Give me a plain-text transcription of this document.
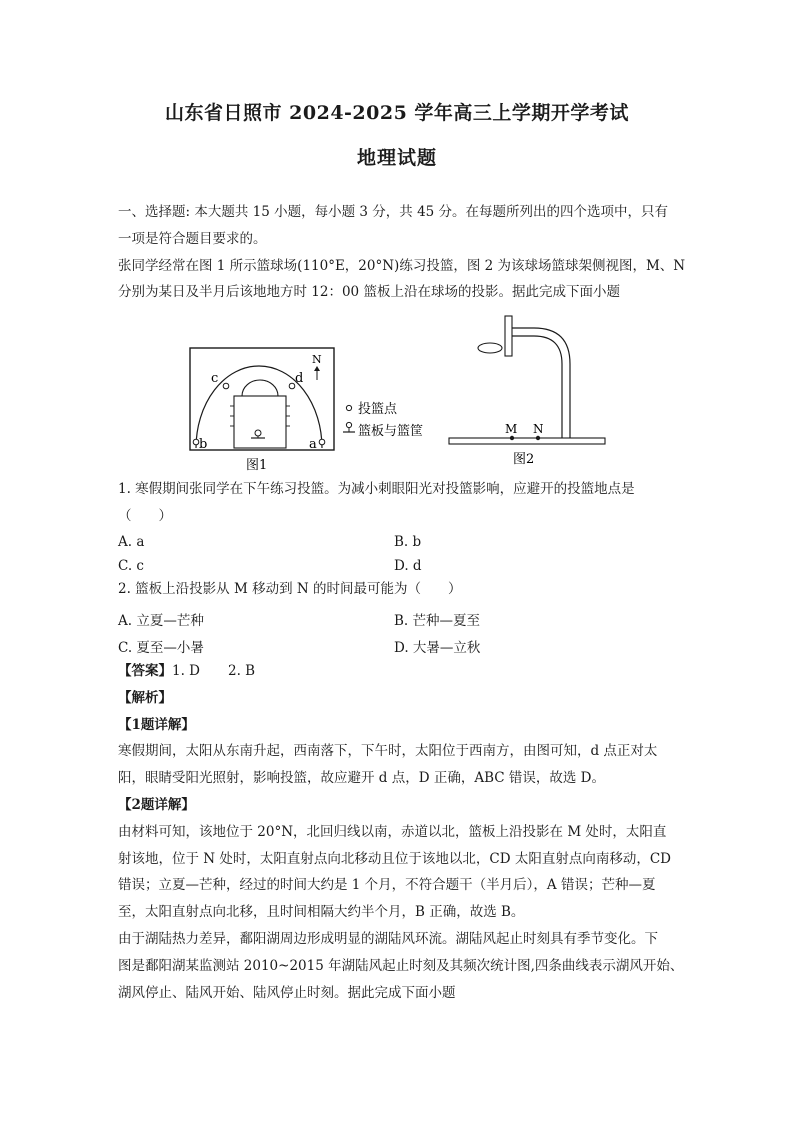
山东省日照市 2024-2025 学年高三上学期开学考试
地理试题
一、选择题: 本大题共 15 小题，每小题 3 分，共 45 分。在每题所列出的四个选项中，只有
一项是符合题目要求的。
张同学经常在图 1 所示篮球场(110°E，20°N)练习投篮，图 2 为该球场篮球架侧视图，M、N
分别为某日及半月后该地地方时 12：00 篮板上沿在球场的投影。据此完成下面小题
b	a
c	d
N
图1
投篮点
篮板与篮筐	M N
图2
1. 寒假期间张同学在下午练习投篮。为减小刺眼阳光对投篮影响，应避开的投篮地点是
（　　）
A. a	B. b
C. c	D. d
2. 篮板上沿投影从 M 移动到 N 的时间最可能为（　　）
A. 立夏—芒种	B. 芒种—夏至
C. 夏至—小暑	D. 大暑—立秋
【答案】1. D 2. B
【解析】
【1题详解】
寒假期间，太阳从东南升起，西南落下，下午时，太阳位于西南方，由图可知，d 点正对太
阳，眼睛受阳光照射，影响投篮，故应避开 d 点，D 正确，ABC 错误，故选 D。
【2题详解】
由材料可知，该地位于 20°N，北回归线以南，赤道以北，篮板上沿投影在 M 处时，太阳直
射该地，位于 N 处时，太阳直射点向北移动且位于该地以北，CD 太阳直射点向南移动，CD
错误；立夏—芒种，经过的时间大约是 1 个月，不符合题干（半月后），A 错误；芒种—夏
至，太阳直射点向北移，且时间相隔大约半个月，B 正确，故选 B。
由于湖陆热力差异，鄱阳湖周边形成明显的湖陆风环流。湖陆风起止时刻具有季节变化。下
图是鄱阳湖某监测站 2010~2015 年湖陆风起止时刻及其频次统计图,四条曲线表示湖风开始、
湖风停止、陆风开始、陆风停止时刻。据此完成下面小题
